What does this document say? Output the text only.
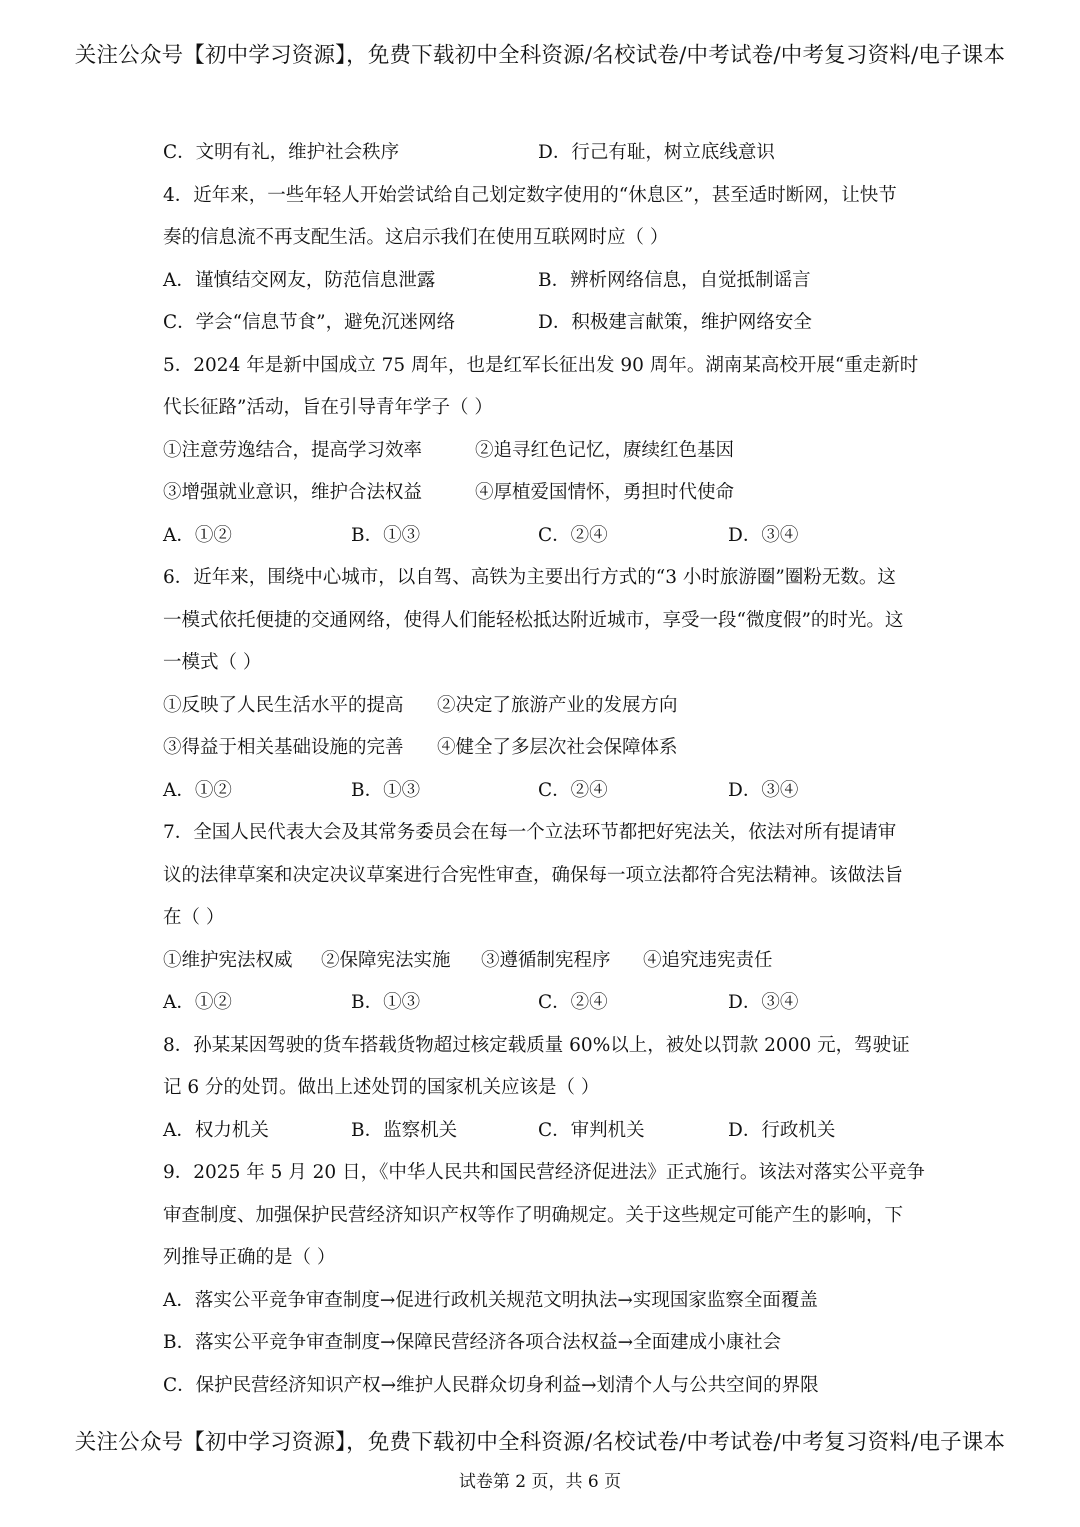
关注公众号【初中学习资源】，免费下载初中全科资源/名校试卷/中考试卷/中考复习资料/电子课本
C．文明有礼，维护社会秩序	D．行己有耻，树立底线意识
4．近年来，一些年轻人开始尝试给自己划定数字使用的“休息区”，甚至适时断网，让快节
奏的信息流不再支配生活。这启示我们在使用互联网时应（ ）
A．谨慎结交网友，防范信息泄露	B．辨析网络信息，自觉抵制谣言
C．学会“信息节食”，避免沉迷网络	D．积极建言献策，维护网络安全
5．2024 年是新中国成立 75 周年，也是红军长征出发 90 周年。湖南某高校开展“重走新时
代长征路”活动，旨在引导青年学子（ ）
①注意劳逸结合，提高学习效率	②追寻红色记忆，赓续红色基因
③增强就业意识，维护合法权益	④厚植爱国情怀，勇担时代使命
A．①②	B．①③	C．②④	D．③④
6．近年来，围绕中心城市，以自驾、高铁为主要出行方式的“3 小时旅游圈”圈粉无数。这
一模式依托便捷的交通网络，使得人们能轻松抵达附近城市，享受一段“微度假”的时光。这
一模式（ ）
①反映了人民生活水平的提高 ②决定了旅游产业的发展方向
③得益于相关基础设施的完善 ④健全了多层次社会保障体系
A．①②	B．①③	C．②④	D．③④
7．全国人民代表大会及其常务委员会在每一个立法环节都把好宪法关，依法对所有提请审
议的法律草案和决定决议草案进行合宪性审查，确保每一项立法都符合宪法精神。该做法旨
在（ ）
①维护宪法权威 ②保障宪法实施 ③遵循制宪程序 ④追究违宪责任
A．①②	B．①③	C．②④	D．③④
8．孙某某因驾驶的货车搭载货物超过核定载质量 60%以上，被处以罚款 2000 元，驾驶证
记 6 分的处罚。做出上述处罚的国家机关应该是（ ）
A．权力机关	B．监察机关	C．审判机关	D．行政机关
9．2025 年 5 月 20 日，《中华人民共和国民营经济促进法》正式施行。该法对落实公平竞争
审查制度、加强保护民营经济知识产权等作了明确规定。关于这些规定可能产生的影响，下
列推导正确的是（ ）
A．落实公平竞争审查制度→促进行政机关规范文明执法→实现国家监察全面覆盖
B．落实公平竞争审查制度→保障民营经济各项合法权益→全面建成小康社会
C．保护民营经济知识产权→维护人民群众切身利益→划清个人与公共空间的界限
关注公众号【初中学习资源】，免费下载初中全科资源/名校试卷/中考试卷/中考复习资料/电子课本
试卷第 2 页，共 6 页
